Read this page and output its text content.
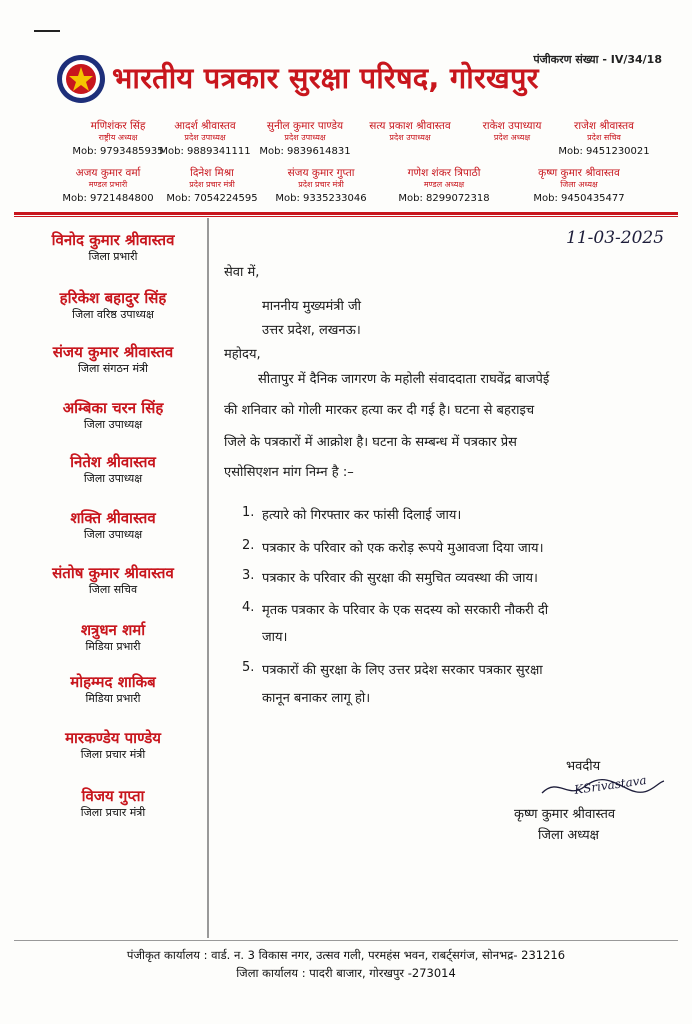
पंजीकरण संख्या - IV/34/18
भारतीय पत्रकार सुरक्षा परिषद, गोरखपुर
मणिशंकर सिंह
राष्ट्रीय अध्यक्ष
Mob: 9793485935
आदर्श श्रीवास्तव
प्रदेश उपाध्यक्ष
Mob: 9889341111
सुनील कुमार पाण्डेय
प्रदेश उपाध्यक्ष
Mob: 9839614831
सत्य प्रकाश श्रीवास्तव
प्रदेश उपाध्यक्ष
राकेश उपाध्याय
प्रदेश अध्यक्ष
राजेश श्रीवास्तव
प्रदेश सचिव
Mob: 9451230021
अजय कुमार वर्मा
मण्डल प्रभारी
Mob: 9721484800
दिनेश मिश्रा
प्रदेश प्रचार मंत्री
Mob: 7054224595
संजय कुमार गुप्ता
प्रदेश प्रचार मंत्री
Mob: 9335233046
गणेश शंकर त्रिपाठी
मण्डल अध्यक्ष
Mob: 8299072318
कृष्ण कुमार श्रीवास्तव
जिला अध्यक्ष
Mob: 9450435477
विनोद कुमार श्रीवास्तव
जिला प्रभारी
हरिकेश बहादुर सिंह
जिला वरिष्ठ उपाध्यक्ष
संजय कुमार श्रीवास्तव
जिला संगठन मंत्री
अम्बिका चरन सिंह
जिला उपाध्यक्ष
नितेश श्रीवास्तव
जिला उपाध्यक्ष
शक्ति श्रीवास्तव
जिला उपाध्यक्ष
संतोष कुमार श्रीवास्तव
जिला सचिव
शत्रुधन शर्मा
मिडिया प्रभारी
मोहम्मद शाकिब
मिडिया प्रभारी
मारकण्डेय पाण्डेय
जिला प्रचार मंत्री
विजय गुप्ता
जिला प्रचार मंत्री
11-03-2025
सेवा में,
माननीय मुख्यमंत्री जी
उत्तर प्रदेश, लखनऊ।
महोदय,
सीतापुर में दैनिक जागरण के महोली संवाददाता राघवेंद्र बाजपेई
की शनिवार को गोली मारकर हत्या कर दी गई है। घटना से बहराइच
जिले के पत्रकारों में आक्रोश है। घटना के सम्बन्ध में पत्रकार प्रेस
एसोसिएशन मांग निम्न है :–
1. हत्यारे को गिरफ्तार कर फांसी दिलाई जाय।
2. पत्रकार के परिवार को एक करोड़ रूपये मुआवजा दिया जाय।
3. पत्रकार के परिवार की सुरक्षा की समुचित व्यवस्था की जाय।
4. मृतक पत्रकार के परिवार के एक सदस्य को सरकारी नौकरी दी
जाय।
5. पत्रकारों की सुरक्षा के लिए उत्तर प्रदेश सरकार पत्रकार सुरक्षा
कानून बनाकर लागू हो।
भवदीय
KSrivastava
कृष्ण कुमार श्रीवास्तव
जिला अध्यक्ष
पंजीकृत कार्यालय : वार्ड. न. 3 विकास नगर, उत्सव गली, परमहंस भवन, राबर्ट्सगंज, सोनभद्र- 231216
जिला कार्यालय : पादरी बाजार, गोरखपुर -273014
